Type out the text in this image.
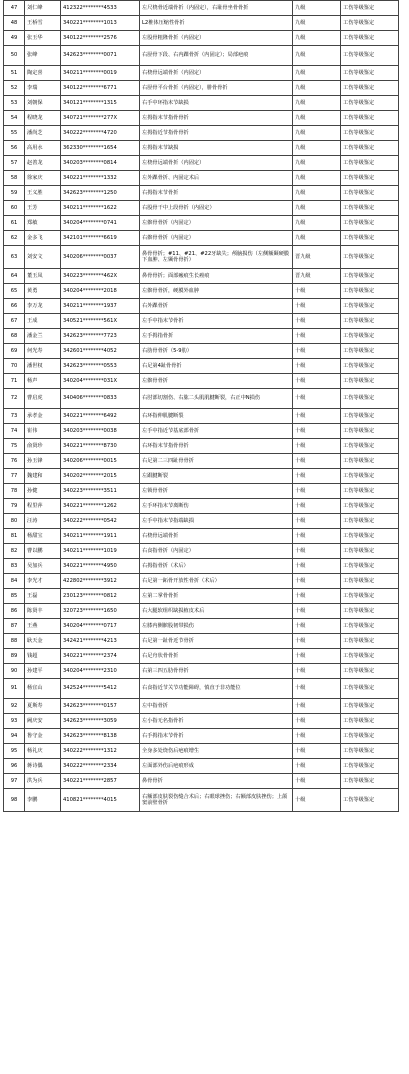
47	刘仁峰	412322********4533	左尺桡骨近端骨折（内固定），右耻骨坐骨骨折	九级	工伤等级鉴定
48	王桥雪	340221********1013	L2椎体压缩性骨折	九级	工伤等级鉴定
49	张玉华	340122********2576	左股骨粗隆骨折（内固定）	九级	工伤等级鉴定
50	张峰	342623********0071	右胫骨下段、右内踝骨折（内固定）；局部疤痕	九级	工伤等级鉴定
51	陶定喜	340211********0019	右桡骨远端骨折（内固定）	九级	工伤等级鉴定
52	李瑞	340122********6771	右胫骨平台骨折（内固定），腓骨骨折	九级	工伤等级鉴定
53	刘朝保	340121********1315	右手中环指末节缺损	九级	工伤等级鉴定
54	程晓龙	340721********277X	左拇指末节指骨骨折	九级	工伤等级鉴定
55	潘尚芝	340222********4720	左拇指近节指骨骨折	九级	工伤等级鉴定
56	高用水	362330********1654	左拇指末节缺损	九级	工伤等级鉴定
57	赵善龙	340203********0814	左桡骨远端骨折（内固定）	九级	工伤等级鉴定
58	徐家庆	340221********1332	左外踝骨折、内固定术后	九级	工伤等级鉴定
59	王义胜	342623********1250	右拇指末节骨折	九级	工伤等级鉴定
60	王芳	340211********1622	右股骨干中上段骨折（内固定）	九级	工伤等级鉴定
61	郑敏	340204********0741	左髌骨骨折（内固定）	九级	工伤等级鉴定
62	金多飞	342101********6619	右髌骨骨折（内固定）	九级	工伤等级鉴定
63	刘安文	340206********0037	鼻骨骨折；#11、#21、#22牙缺失；颅脑损伤（左侧额颞硬膜下血肿、左颞骨骨折）	晋九级	工伤等级鉴定
64	董玉凤	340223********462X	鼻骨骨折；面部瘢痕生长癌痕	晋九级	工伤等级鉴定
65	黄勇	340204********2018	左髌骨骨折，硬膜外血肿	十级	工伤等级鉴定
66	李万龙	340211********1937	右外踝骨折	十级	工伤等级鉴定
67	王成	340521********561X	左手中指末节骨折	十级	工伤等级鉴定
68	潘金兰	342623********7723	左手拇指骨折	十级	工伤等级鉴定
69	何光寿	342601********4052	右肋骨骨折（5-9肋）	十级	工伤等级鉴定
70	潘世权	342623********0553	右足第4趾骨骨折	十级	工伤等级鉴定
71	杨声	340204********031X	左髌骨骨折	十级	工伤等级鉴定
72	曹启虎	340406********0833	右肘部切割伤、右肱二头肌肌腱断裂，右正中N损伤	十级	工伤等级鉴定
73	承孝金	340221********6492	右环指伸肌腱断裂	十级	工伤等级鉴定
74	崔伟	340203********0038	左手中指近节基底部骨折	十级	工伤等级鉴定
75	俞贤珍	340221********8730	右环指末节指骨骨折	十级	工伤等级鉴定
76	孙玉锋	340206********0015	右足第二三四趾骨骨折	十级	工伤等级鉴定
77	魏建和	340202********2015	左跟腱断裂	十级	工伤等级鉴定
78	孙健	340223********3511	左锁骨骨折	十级	工伤等级鉴定
79	程里萍	340221********1262	左手环指末节离断伤	十级	工伤等级鉴定
80	汪涛	340222********0542	左手中指末节指端缺损	十级	工伤等级鉴定
81	杨甜宝	340211********1911	右桡骨远端骨折	十级	工伤等级鉴定
82	曹以鹏	340211********1019	右食指骨折（内固定）	十级	工伤等级鉴定
83	吴加兵	340221********4950	右拇指骨折（术后）	十级	工伤等级鉴定
84	李光才	422802********3912	右足第一跖骨开放性骨折（术后）	十级	工伤等级鉴定
85	王磊	230123********0812	左第二掌骨骨折	十级	工伤等级鉴定
86	陈贤丰	320723********1650	右大腿软组织缺损植皮术后	十级	工伤等级鉴定
87	王燕	340204********0717	左膝内侧髌股韧带损伤	十级	工伤等级鉴定
88	耿天金	342421********4213	右足第一趾骨近节骨折	十级	工伤等级鉴定
89	钱超	340221********2374	右足舟状骨骨折	十级	工伤等级鉴定
90	孙建平	340204********2310	右第三四五肋骨骨折	十级	工伤等级鉴定
91	杨宜山	342524********5412	右食指近节关节功能障碍，慎直于非功能位	十级	工伤等级鉴定
92	夏斯寿	342623********0157	左中指骨折	十级	工伤等级鉴定
93	阙庆安	342623********3059	左小指无名指骨折	十级	工伤等级鉴定
94	鲁守金	342623********8138	右手拇指末节骨折	十级	工伤等级鉴定
95	杨礼庆	340222********1312	全身多处烧伤后疤痕增生	十级	工伤等级鉴定
96	蒋诗偶	340222********2334	左面部外伤后疤痕形成	十级	工伤等级鉴定
97	洪为兵	340221********2857	鼻骨骨折	十级	工伤等级鉴定
98	李鹏	410821********4015	右额部皮肤裂伤缝合术后；右眼球挫伤；右额部皮肤挫伤；上颌窦前壁骨折	十级	工伤等级鉴定
